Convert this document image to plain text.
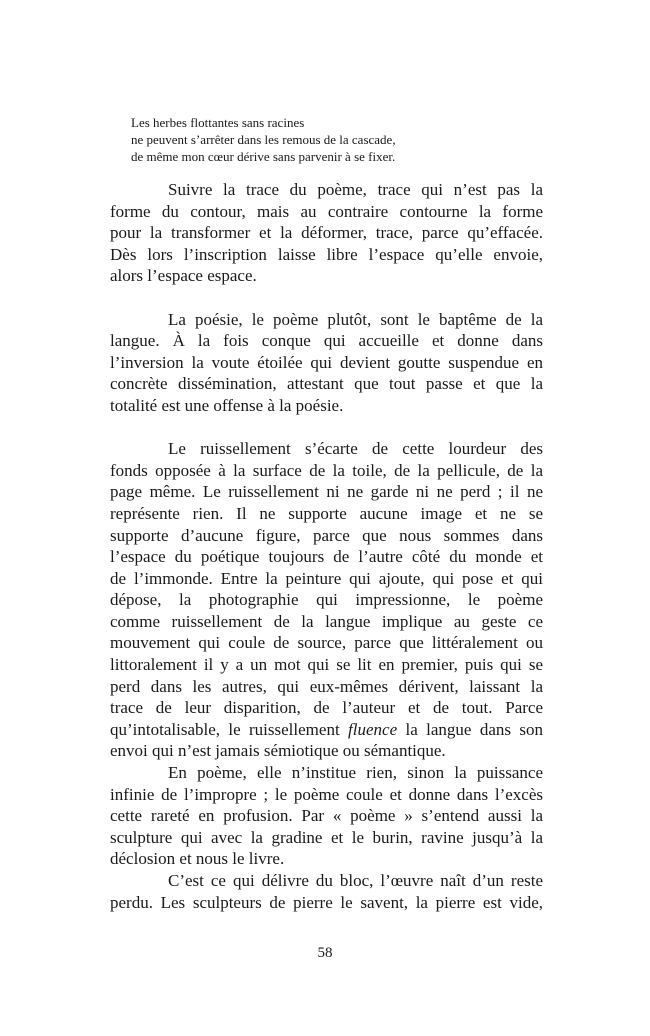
Les herbes flottantes sans racines
ne peuvent s’arrêter dans les remous de la cascade,
de même mon cœur dérive sans parvenir à se fixer.
Suivre la trace du poème, trace qui n’est pas la
forme du contour, mais au contraire contourne la forme
pour la transformer et la déformer, trace, parce qu’effacée.
Dès lors l’inscription laisse libre l’espace qu’elle envoie,
alors l’espace espace.
La poésie, le poème plutôt, sont le baptême de la
langue. À la fois conque qui accueille et donne dans
l’inversion la voute étoilée qui devient goutte suspendue en
concrète dissémination, attestant que tout passe et que la
totalité est une offense à la poésie.
Le ruissellement s’écarte de cette lourdeur des
fonds opposée à la surface de la toile, de la pellicule, de la
page même. Le ruissellement ni ne garde ni ne perd ; il ne
représente rien. Il ne supporte aucune image et ne se
supporte d’aucune figure, parce que nous sommes dans
l’espace du poétique toujours de l’autre côté du monde et
de l’immonde. Entre la peinture qui ajoute, qui pose et qui
dépose, la photographie qui impressionne, le poème
comme ruissellement de la langue implique au geste ce
mouvement qui coule de source, parce que littéralement ou
littoralement il y a un mot qui se lit en premier, puis qui se
perd dans les autres, qui eux-mêmes dérivent, laissant la
trace de leur disparition, de l’auteur et de tout. Parce
qu’intotalisable, le ruissellement fluence la langue dans son
envoi qui n’est jamais sémiotique ou sémantique.
En poème, elle n’institue rien, sinon la puissance
infinie de l’impropre ; le poème coule et donne dans l’excès
cette rareté en profusion. Par « poème » s’entend aussi la
sculpture qui avec la gradine et le burin, ravine jusqu’à la
déclosion et nous le livre.
C’est ce qui délivre du bloc, l’œuvre naît d’un reste
perdu. Les sculpteurs de pierre le savent, la pierre est vide,
58
